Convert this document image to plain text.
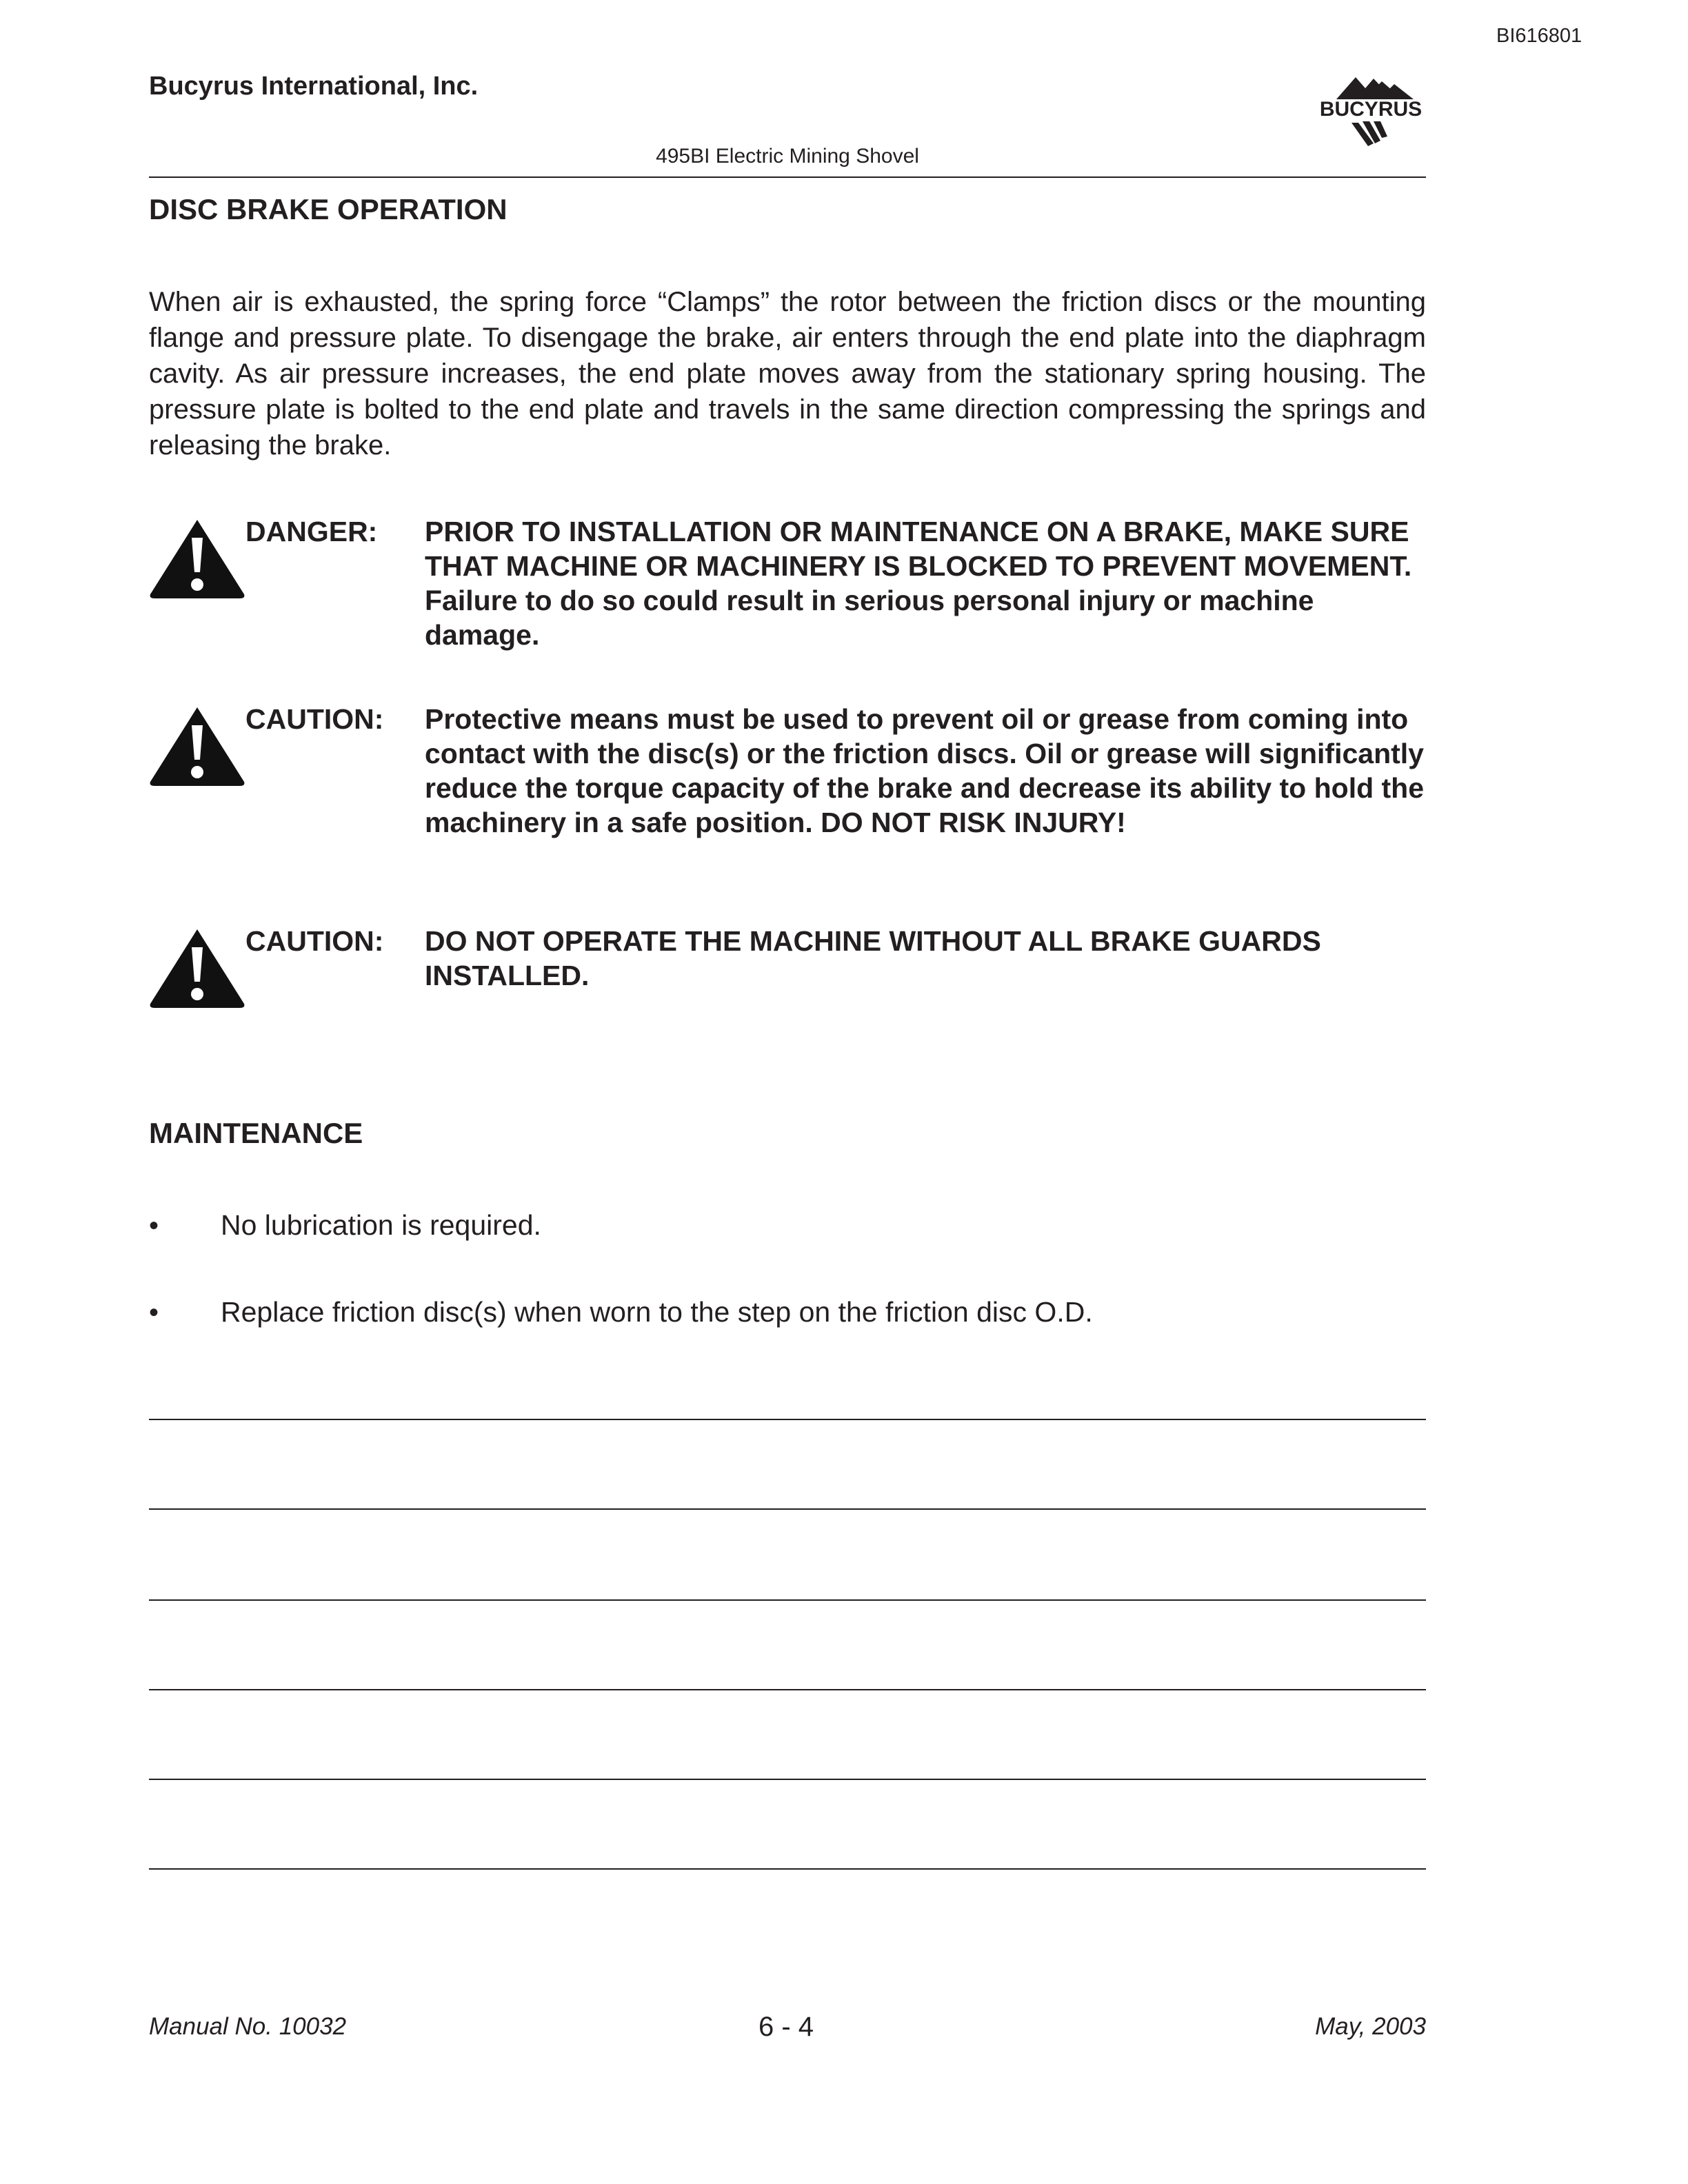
BI616801
Bucyrus International, Inc.
BUCYRUS
495BI Electric Mining Shovel
DISC BRAKE OPERATION
When air is exhausted, the spring force “Clamps” the rotor between the friction discs or the mounting flange and pressure plate. To disengage the brake, air enters through the end plate into the diaphragm cavity. As air pressure increases, the end plate moves away from the stationary spring housing. The pressure plate is bolted to the end plate and travels in the same direction compressing the springs and releasing the brake.
DANGER: PRIOR TO INSTALLATION OR MAINTENANCE ON A BRAKE, MAKE SURE THAT MACHINE OR MACHINERY IS BLOCKED TO PREVENT MOVEMENT. Failure to do so could result in serious personal injury or machine damage.
CAUTION: Protective means must be used to prevent oil or grease from coming into contact with the disc(s) or the friction discs. Oil or grease will significantly reduce the torque capacity of the brake and decrease its ability to hold the machinery in a safe position. DO NOT RISK INJURY!
CAUTION: DO NOT OPERATE THE MACHINE WITHOUT ALL BRAKE GUARDS INSTALLED.
MAINTENANCE
• No lubrication is required.
• Replace friction disc(s) when worn to the step on the friction disc O.D.
Manual No. 10032	6 - 4	May, 2003
